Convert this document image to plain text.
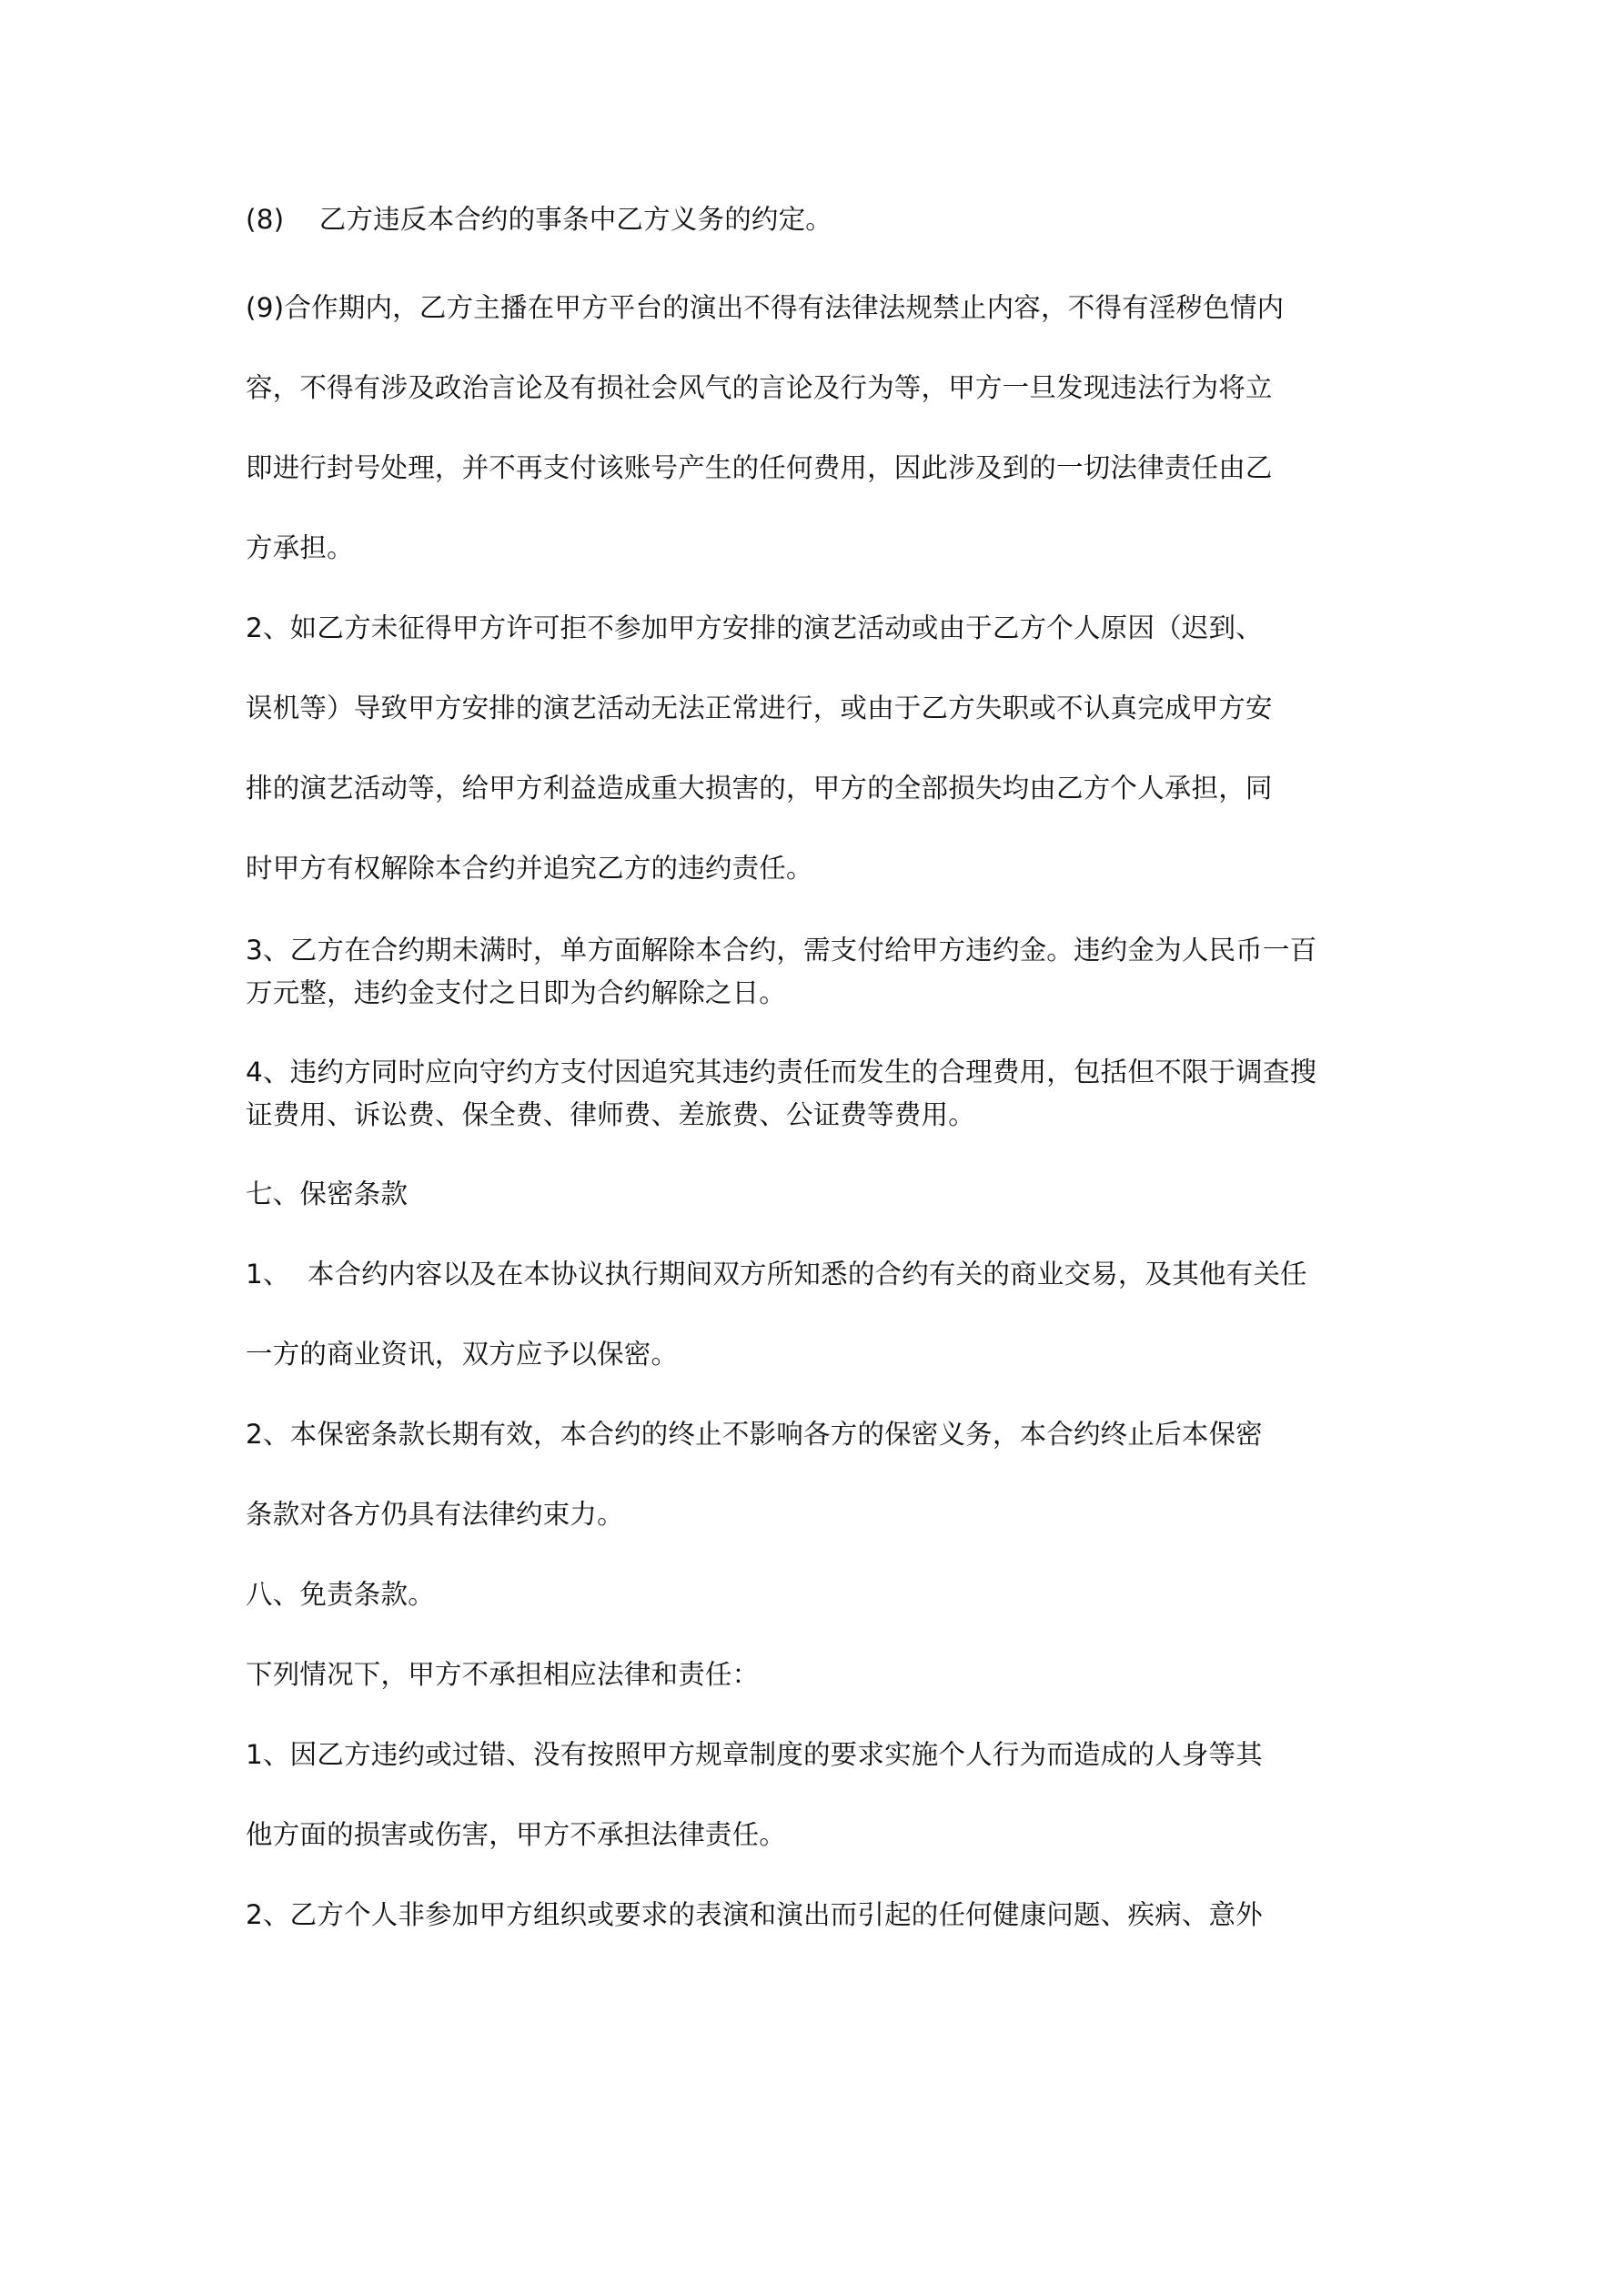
(8)    乙方违反本合约的事条中乙方义务的约定。
(9)合作期内，乙方主播在甲方平台的演出不得有法律法规禁止内容，不得有淫秽色情内
容，不得有涉及政治言论及有损社会风气的言论及行为等，甲方一旦发现违法行为将立
即进行封号处理，并不再支付该账号产生的任何费用，因此涉及到的一切法律责任由乙
方承担。
2、如乙方未征得甲方许可拒不参加甲方安排的演艺活动或由于乙方个人原因（迟到、
误机等）导致甲方安排的演艺活动无法正常进行，或由于乙方失职或不认真完成甲方安
排的演艺活动等，给甲方利益造成重大损害的，甲方的全部损失均由乙方个人承担，同
时甲方有权解除本合约并追究乙方的违约责任。
3、乙方在合约期未满时，单方面解除本合约，需支付给甲方违约金。违约金为人民币一百
万元整，违约金支付之日即为合约解除之日。
4、违约方同时应向守约方支付因追究其违约责任而发生的合理费用，包括但不限于调查搜
证费用、诉讼费、保全费、律师费、差旅费、公证费等费用。
七、保密条款
1、  本合约内容以及在本协议执行期间双方所知悉的合约有关的商业交易，及其他有关任
一方的商业资讯，双方应予以保密。
2、本保密条款长期有效，本合约的终止不影响各方的保密义务，本合约终止后本保密
条款对各方仍具有法律约束力。
八、免责条款。
下列情况下，甲方不承担相应法律和责任：
1、因乙方违约或过错、没有按照甲方规章制度的要求实施个人行为而造成的人身等其
他方面的损害或伤害，甲方不承担法律责任。
2、乙方个人非参加甲方组织或要求的表演和演出而引起的任何健康问题、疾病、意外
